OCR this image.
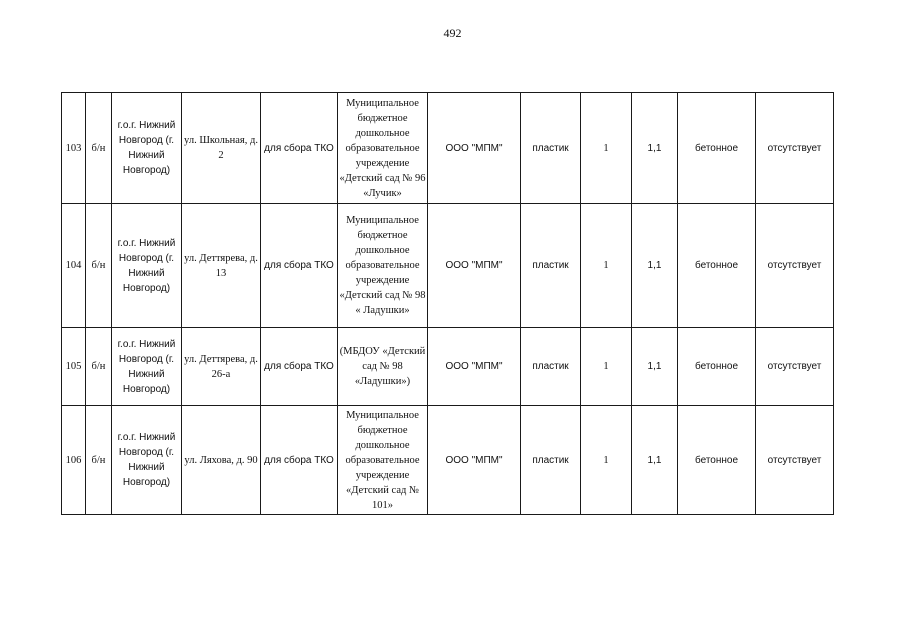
492
103	б/н	г.о.г. Нижний Новгород (г. Нижний Новгород)	ул. Школьная, д. 2	для сбора ТКО	Муниципальное бюджетное дошкольное образовательное учреждение «Детский сад № 96 «Лучик»	ООО "МПМ"	пластик	1	1,1	бетонное	отсутствует
104	б/н	г.о.г. Нижний Новгород (г. Нижний Новгород)	ул. Деттярева, д. 13	для сбора ТКО	Муниципальное бюджетное дошкольное образовательное учреждение «Детский сад № 98 « Ладушки»	ООО "МПМ"	пластик	1	1,1	бетонное	отсутствует
105	б/н	г.о.г. Нижний Новгород (г. Нижний Новгород)	ул. Деттярева, д. 26-а	для сбора ТКО	(МБДОУ «Детский сад № 98 «Ладушки»)	ООО "МПМ"	пластик	1	1,1	бетонное	отсутствует
106	б/н	г.о.г. Нижний Новгород (г. Нижний Новгород)	ул. Ляхова, д. 90	для сбора ТКО	Муниципальное бюджетное дошкольное образовательное учреждение «Детский сад № 101»	ООО "МПМ"	пластик	1	1,1	бетонное	отсутствует
